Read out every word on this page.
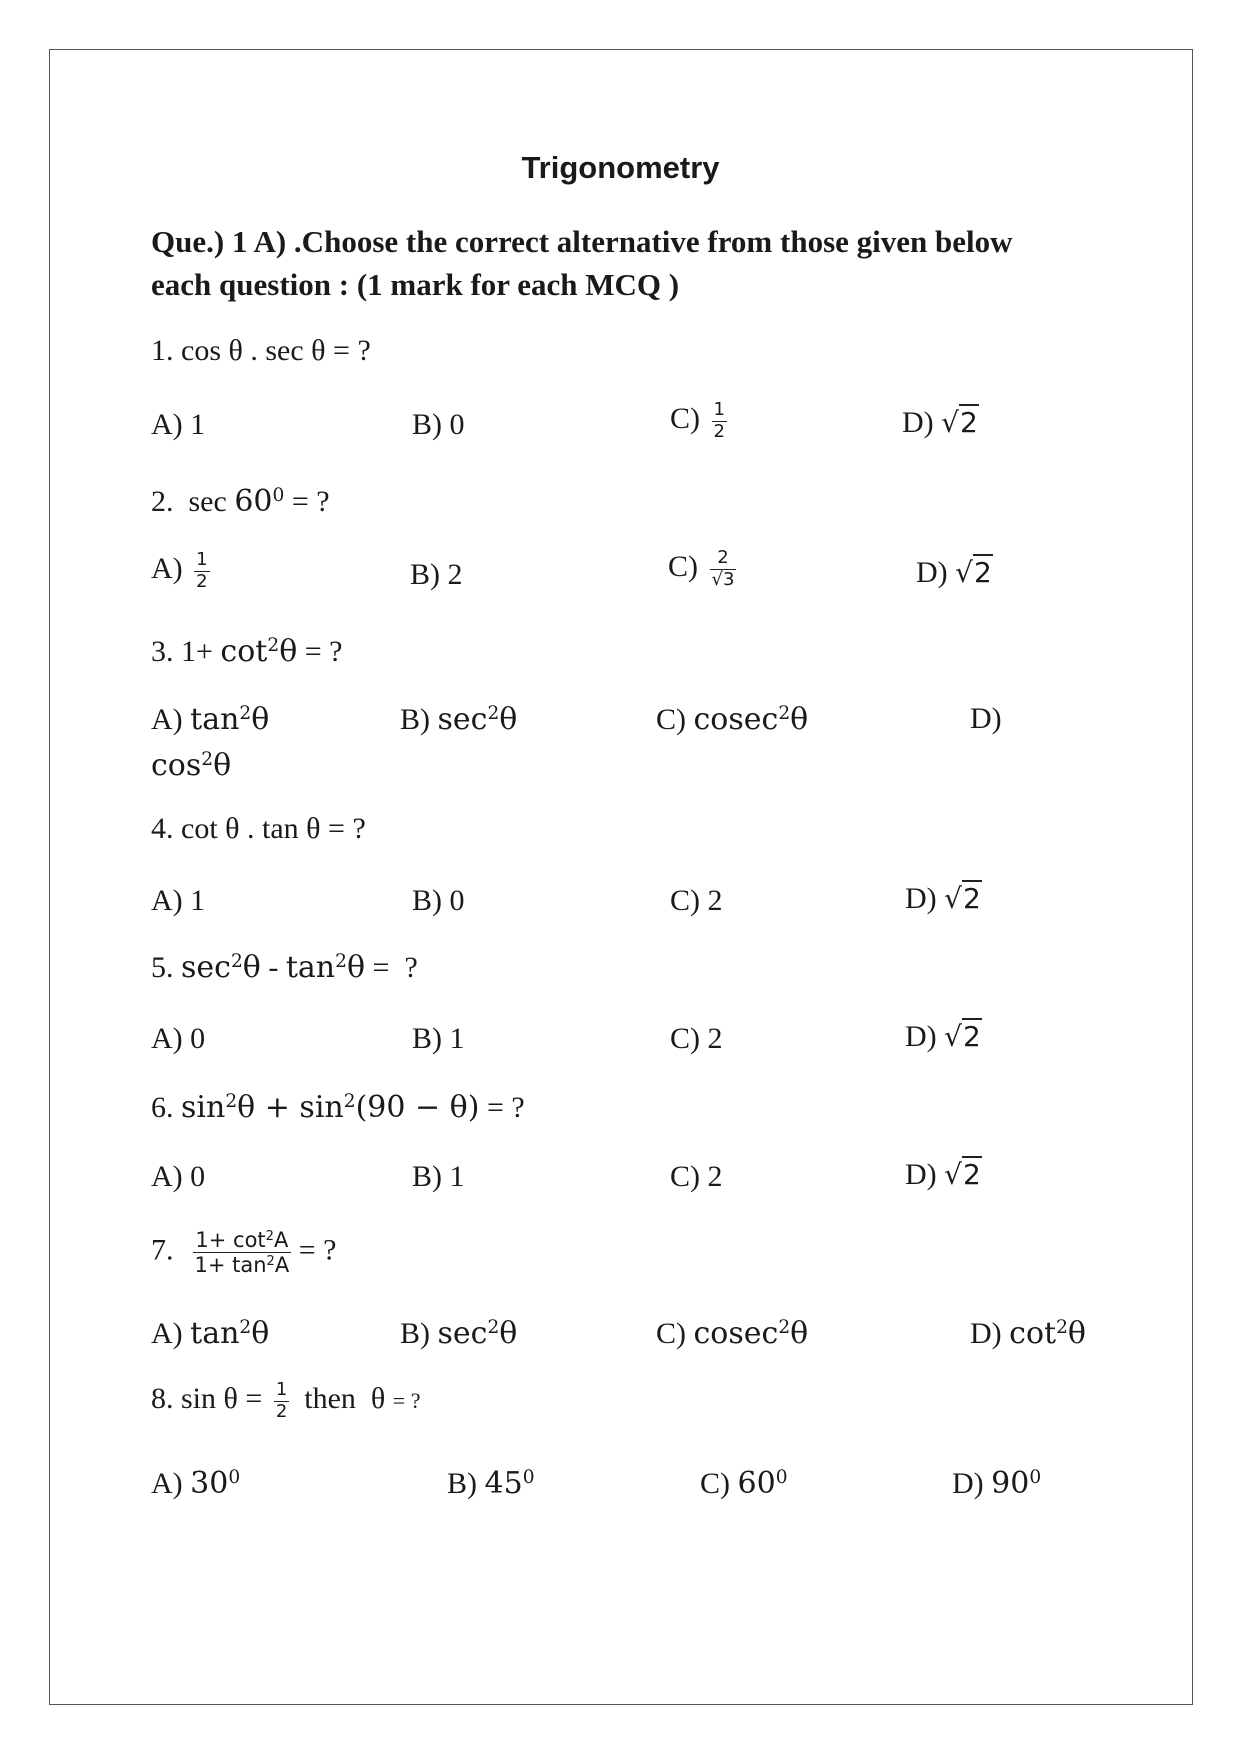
Trigonometry
Que.) 1 A) .Choose the correct alternative from those given below
each question : (1 mark for each MCQ )
1. cos θ . sec θ = ?
A) 1	B) 0	$C) \frac{1}{2}$	D) √2
2.  $\sec 60^0$ = ?
$A) \frac{1}{2}$	B) 2	$C) \frac{2}{√3}$	D) √2
3. $1+ \cot^2\theta$ = ?
A) $\tan^2\theta$	B) $\sec^2\theta$	C) cosec$^2$θ	D)
$\cos^2\theta$
4. cot θ . tan θ = ?
A) 1	B) 0	C) 2	D) √2
5. $\sec^2\theta - \tan^2\theta$ =  ?
A) 0	B) 1	C) 2	D) √2
6. $\sin^2\theta + \sin^2(90 - \theta)$ = ?
A) 0	B) 1	C) 2	D) √2
7. $\frac{1+ \cot^2A}{1+ \tan^2A}$ = ?
A) $\tan^2\theta$	B) $\sec^2\theta$	C) cosec$^2$θ	D) $\cot^2\theta$
8. $\sin \theta = \frac{1}{2}$ then  θ = ?
A) $30^0$	B) $45^0$	C) $60^0$	D) $90^0$
